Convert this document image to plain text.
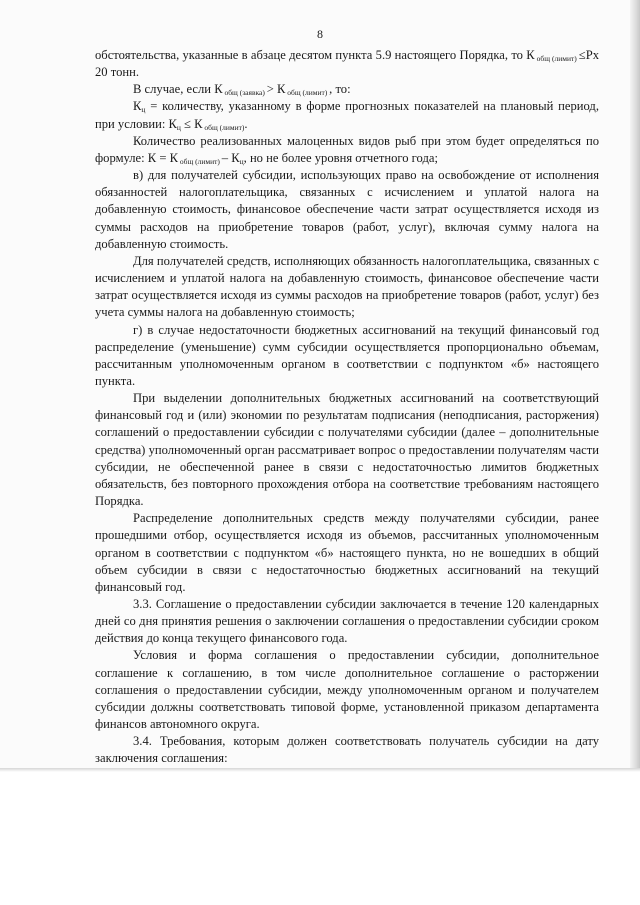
8

обстоятельства, указанные в абзаце десятом пункта 5.9 настоящего Порядка, то К $_{общ (лимит)}$ ≤Рх 20 тонн.

В случае, если К $_{общ (заявка)}$ > К $_{общ (лимит)}$ , то:

$К_ц$ = количеству, указанному в форме прогнозных показателей на плановый период, при условии: $К_ц \le К$ $_{общ (лимит)}$.

Количество реализованных малоценных видов рыб при этом будет определяться по формуле: К = К $_{общ (лимит)} - К_ц$, но не более уровня отчетного года;

в) для получателей субсидии, использующих право на освобождение от исполнения обязанностей налогоплательщика, связанных с исчислением и уплатой налога на добавленную стоимость, финансовое обеспечение части затрат осуществляется исходя из суммы расходов на приобретение товаров (работ, услуг), включая сумму налога на добавленную стоимость.

Для получателей средств, исполняющих обязанность налогоплательщика, связанных с исчислением и уплатой налога на добавленную стоимость, финансовое обеспечение части затрат осуществляется исходя из суммы расходов на приобретение товаров (работ, услуг) без учета суммы налога на добавленную стоимость;

г) в случае недостаточности бюджетных ассигнований на текущий финансовый год распределение (уменьшение) сумм субсидии осуществляется пропорционально объемам, рассчитанным уполномоченным органом в соответствии с подпунктом «б» настоящего пункта.

При выделении дополнительных бюджетных ассигнований на соответствующий финансовый год и (или) экономии по результатам подписания (неподписания, расторжения) соглашений о предоставлении субсидии с получателями субсидии (далее – дополнительные средства) уполномоченный орган рассматривает вопрос о предоставлении получателям части субсидии, не обеспеченной ранее в связи с недостаточностью лимитов бюджетных обязательств, без повторного прохождения отбора на соответствие требованиям настоящего Порядка.

Распределение дополнительных средств между получателями субсидии, ранее прошедшими отбор, осуществляется исходя из объемов, рассчитанных уполномоченным органом в соответствии с подпунктом «б» настоящего пункта, но не вошедших в общий объем субсидии в связи с недостаточностью бюджетных ассигнований на текущий финансовый год.

3.3. Соглашение о предоставлении субсидии заключается в течение 120 календарных дней со дня принятия решения о заключении соглашения о предоставлении субсидии сроком действия до конца текущего финансового года.

Условия и форма соглашения о предоставлении субсидии, дополнительное соглашение к соглашению, в том числе дополнительное соглашение о расторжении соглашения о предоставлении субсидии, между уполномоченным органом и получателем субсидии должны соответствовать типовой форме, установленной приказом департамента финансов автономного округа.

3.4. Требования, которым должен соответствовать получатель субсидии на дату заключения соглашения:
